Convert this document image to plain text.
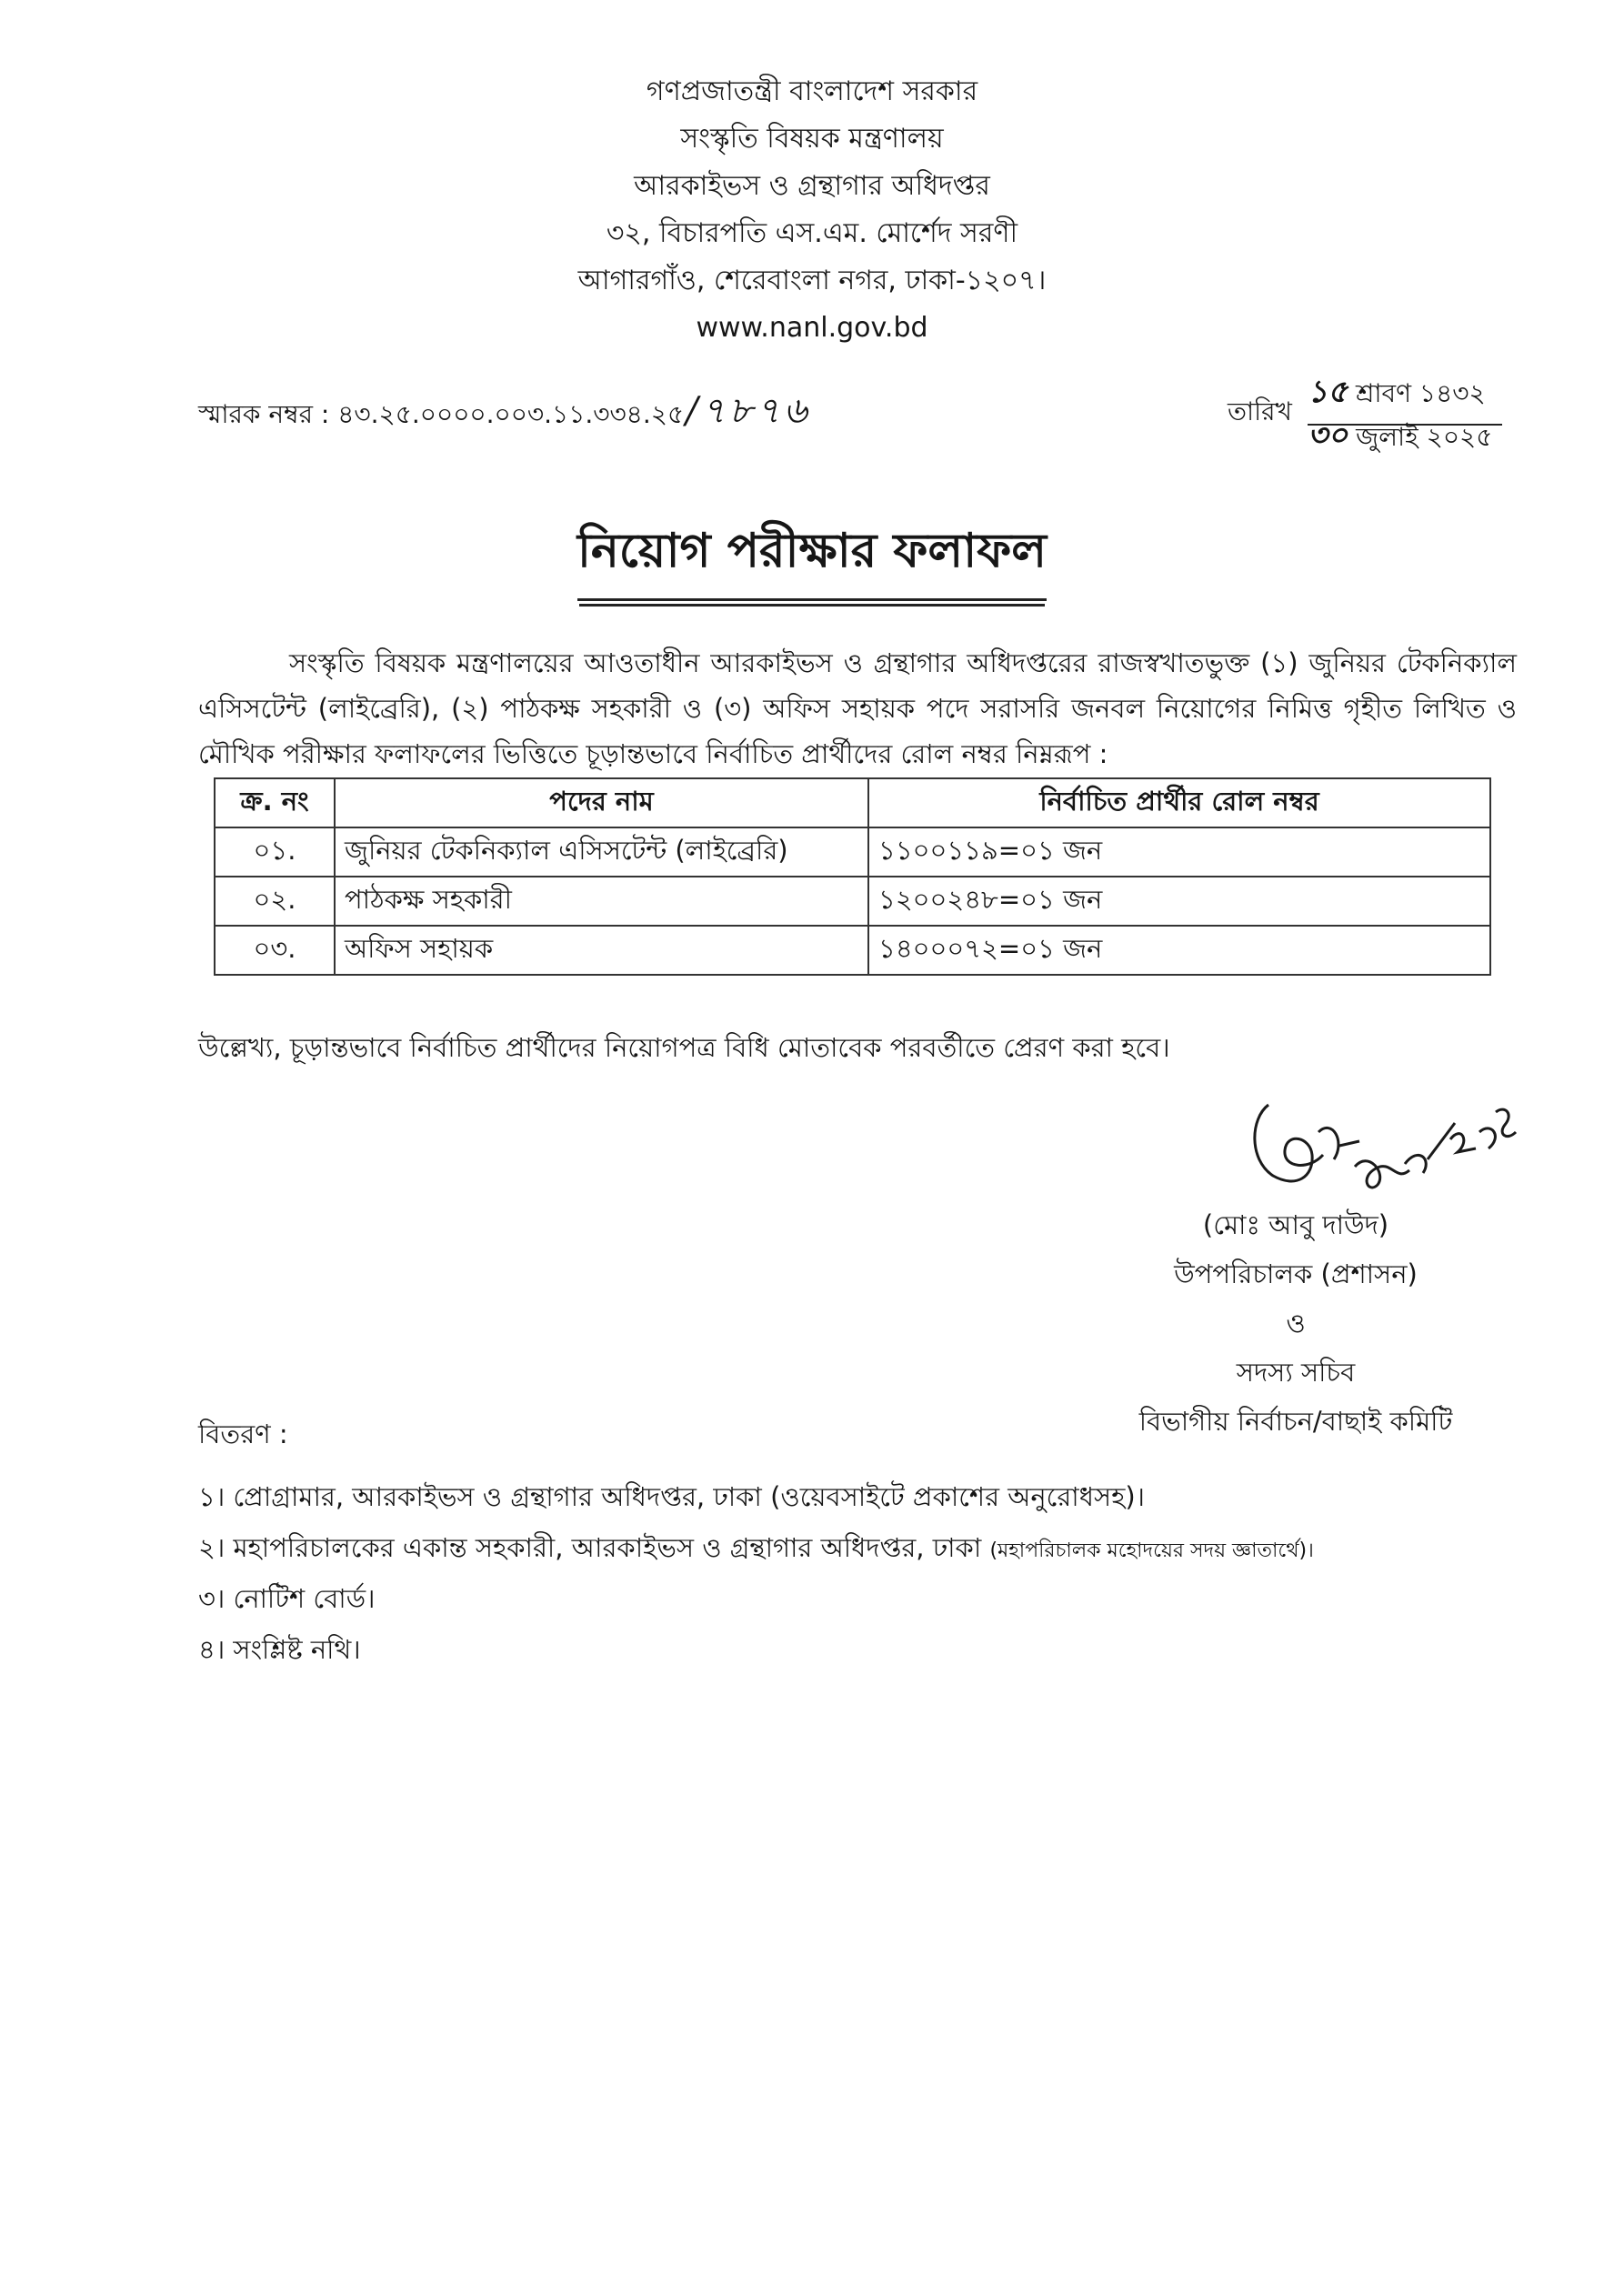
গণপ্রজাতন্ত্রী বাংলাদেশ সরকার
সংস্কৃতি বিষয়ক মন্ত্রণালয়
আরকাইভস ও গ্রন্থাগার অধিদপ্তর
৩২, বিচারপতি এস.এম. মোর্শেদ সরণী
আগারগাঁও, শেরেবাংলা নগর, ঢাকা-১২০৭।
www.nanl.gov.bd
স্মারক নম্বর : ৪৩.২৫.০০০০.০০৩.১১.৩৩৪.২৫/৭৮৭৬	তারিখ
১৫ শ্রাবণ ১৪৩২
৩০ জুলাই ২০২৫
নিয়োগ পরীক্ষার ফলাফল
সংস্কৃতি বিষয়ক মন্ত্রণালয়ের আওতাধীন আরকাইভস ও গ্রন্থাগার অধিদপ্তরের রাজস্বখাতভুক্ত (১) জুনিয়র টেকনিক্যাল এসিসটেন্ট (লাইব্রেরি), (২) পাঠকক্ষ সহকারী ও (৩) অফিস সহায়ক পদে সরাসরি জনবল নিয়োগের নিমিত্ত গৃহীত লিখিত ও মৌখিক পরীক্ষার ফলাফলের ভিত্তিতে চূড়ান্তভাবে নির্বাচিত প্রার্থীদের রোল নম্বর নিম্নরূপ :
ক্র. নং	পদের নাম	নির্বাচিত প্রার্থীর রোল নম্বর
০১.	জুনিয়র টেকনিক্যাল এসিসটেন্ট (লাইব্রেরি)	১১০০১১৯=০১ জন
০২.	পাঠকক্ষ সহকারী	১২০০২৪৮=০১ জন
০৩.	অফিস সহায়ক	১৪০০০৭২=০১ জন
উল্লেখ্য, চূড়ান্তভাবে নির্বাচিত প্রার্থীদের নিয়োগপত্র বিধি মোতাবেক পরবর্তীতে প্রেরণ করা হবে।
৩০/৭/২০২৫
(মোঃ আবু দাউদ)
উপপরিচালক (প্রশাসন)
ও
সদস্য সচিব
বিভাগীয় নির্বাচন/বাছাই কমিটি
বিতরণ :
১। প্রোগ্রামার, আরকাইভস ও গ্রন্থাগার অধিদপ্তর, ঢাকা (ওয়েবসাইটে প্রকাশের অনুরোধসহ)।
২। মহাপরিচালকের একান্ত সহকারী, আরকাইভস ও গ্রন্থাগার অধিদপ্তর, ঢাকা (মহাপরিচালক মহোদয়ের সদয় জ্ঞাতার্থে)।
৩। নোটিশ বোর্ড।
৪। সংশ্লিষ্ট নথি।
